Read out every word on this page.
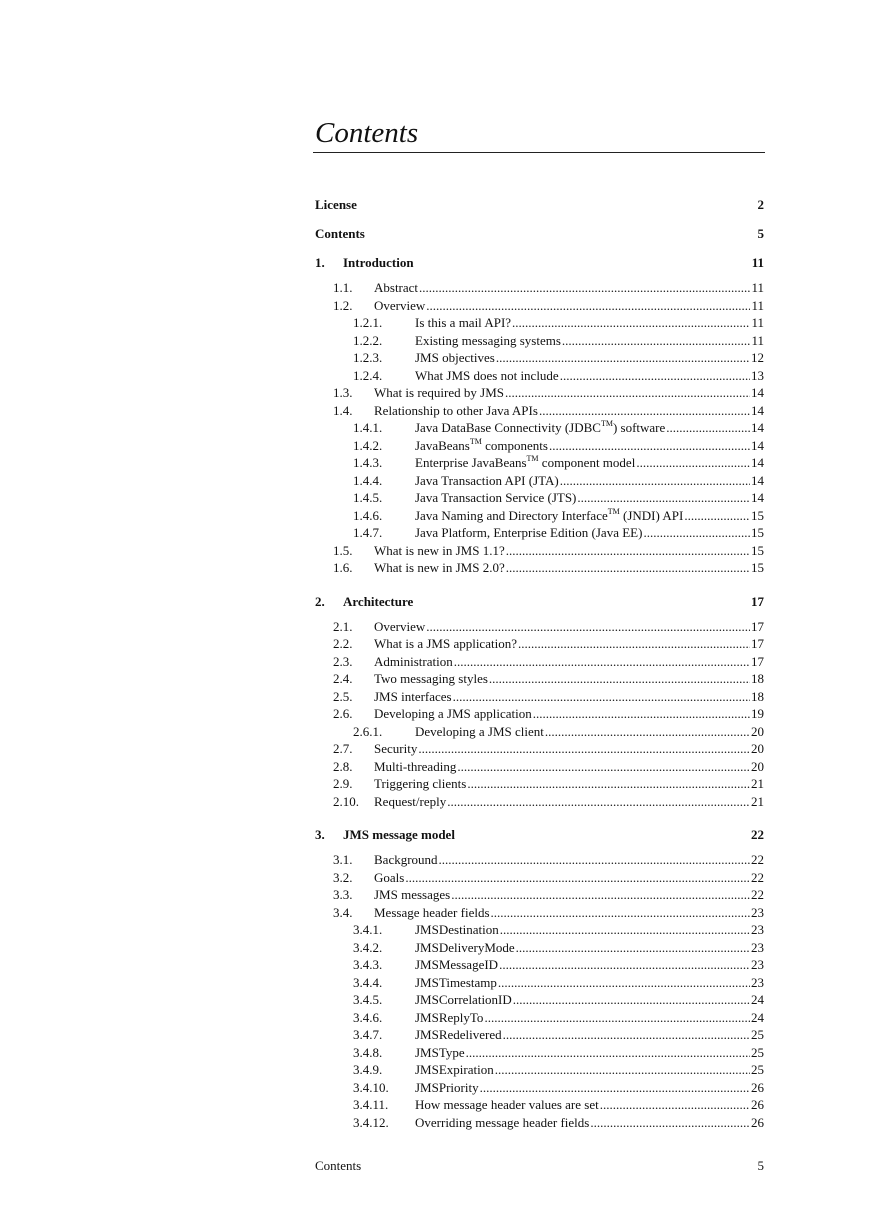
Contents
License	2
Contents	5
1. Introduction	11
1.1.	Abstract .....	11
1.2.	Overview .....	11
1.2.1.	Is this a mail API? .....	11
1.2.2.	Existing messaging systems .....	11
1.2.3.	JMS objectives .....	12
1.2.4.	What JMS does not include .....	13
1.3.	What is required by JMS .....	14
1.4.	Relationship to other Java APIs .....	14
1.4.1.	Java DataBase Connectivity (JDBC™) software .....	14
1.4.2.	JavaBeans™ components .....	14
1.4.3.	Enterprise JavaBeans™ component model .....	14
1.4.4.	Java Transaction API (JTA) .....	14
1.4.5.	Java Transaction Service (JTS) .....	14
1.4.6.	Java Naming and Directory Interface™ (JNDI) API .....	15
1.4.7.	Java Platform, Enterprise Edition (Java EE) .....	15
1.5.	What is new in JMS 1.1? .....	15
1.6.	What is new in JMS 2.0? .....	15
2. Architecture	17
2.1.	Overview .....	17
2.2.	What is a JMS application? .....	17
2.3.	Administration .....	17
2.4.	Two messaging styles .....	18
2.5.	JMS interfaces .....	18
2.6.	Developing a JMS application .....	19
2.6.1.	Developing a JMS client .....	20
2.7.	Security .....	20
2.8.	Multi-threading .....	20
2.9.	Triggering clients .....	21
2.10.	Request/reply .....	21
3. JMS message model	22
3.1.	Background .....	22
3.2.	Goals .....	22
3.3.	JMS messages .....	22
3.4.	Message header fields .....	23
3.4.1.	JMSDestination .....	23
3.4.2.	JMSDeliveryMode .....	23
3.4.3.	JMSMessageID .....	23
3.4.4.	JMSTimestamp .....	23
3.4.5.	JMSCorrelationID .....	24
3.4.6.	JMSReplyTo .....	24
3.4.7.	JMSRedelivered .....	25
3.4.8.	JMSType .....	25
3.4.9.	JMSExpiration .....	25
3.4.10.	JMSPriority .....	26
3.4.11.	How message header values are set .....	26
3.4.12.	Overriding message header fields .....	26
Contents	5
